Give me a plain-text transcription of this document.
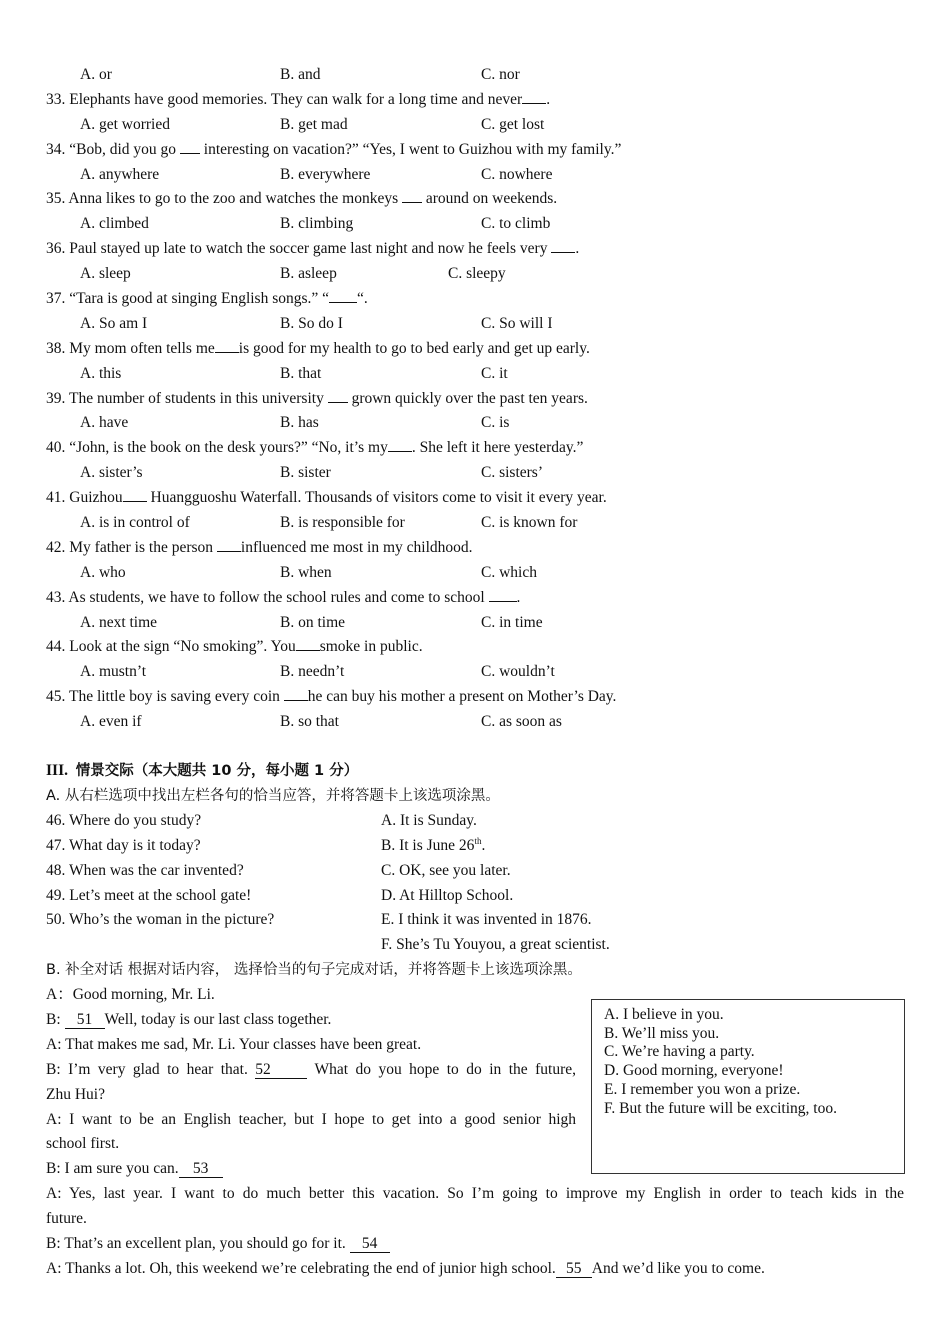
A. or	B. and	C. nor
33. Elephants have good memories. They can walk for a long time and never .
A. get worried	B. get mad	C. get lost
34. “Bob, did you go interesting on vacation?” “Yes, I went to Guizhou with my family.”
A. anywhere	B. everywhere	C. nowhere
35. Anna likes to go to the zoo and watches the monkeys around on weekends.
A. climbed	B. climbing	C. to climb
36. Paul stayed up late to watch the soccer game last night and now he feels very .
A. sleep	B. asleep	C. sleepy
37. “Tara is good at singing English songs.” “ “.
A. So am I	B. So do I	C. So will I
38. My mom often tells me is good for my health to go to bed early and get up early.
A. this	B. that	C. it
39. The number of students in this university grown quickly over the past ten years.
A. have	B. has	C. is
40. “John, is the book on the desk yours?” “No, it’s my . She left it here yesterday.”
A. sister’s	B. sister	C. sisters’
41. Guizhou Huangguoshu Waterfall. Thousands of visitors come to visit it every year.
A. is in control of	B. is responsible for	C. is known for
42. My father is the person influenced me most in my childhood.
A. who	B. when	C. which
43. As students, we have to follow the school rules and come to school .
A. next time	B. on time	C. in time
44. Look at the sign “No smoking”. You smoke in public.
A. mustn’t	B. needn’t	C. wouldn’t
45. The little boy is saving every coin he can buy his mother a present on Mother’s Day.
A. even if	B. so that	C. as soon as
III. 情景交际（本大题共 10 分，每小题 1 分）
A. 从右栏选项中找出左栏各句的恰当应答，并将答题卡上该选项涂黑。
46. Where do you study?	A. It is Sunday.
47. What day is it today?	B. It is June 26th.
48. When was the car invented?	C. OK, see you later.
49. Let’s meet at the school gate!	D. At Hilltop School.
50. Who’s the woman in the picture?	E. I think it was invented in 1876.
F. She’s Tu Youyou, a great scientist.
B. 补全对话 根据对话内容， 选择恰当的句子完成对话，并将答题卡上该选项涂黑。
A：Good morning, Mr. Li.
B: 51 Well, today is our last class together.
A: That makes me sad, Mr. Li. Your classes have been great.
B: I’m very glad to hear that. 52	What do you hope to do in the future,
Zhu Hui?
A: I want to be an English teacher, but I hope to get into a good senior high
school first.
B: I am sure you can. 53
A: Yes, last year. I want to do much better this vacation. So I’m going to improve my English in order to teach kids in the
future.
B: That’s an excellent plan, you should go for it. 54
A: Thanks a lot. Oh, this weekend we’re celebrating the end of junior high school. 55 And we’d like you to come.
A. I believe in you.
B. We’ll miss you.
C. We’re having a party.
D. Good morning, everyone!
E. I remember you won a prize.
F. But the future will be exciting, too.
